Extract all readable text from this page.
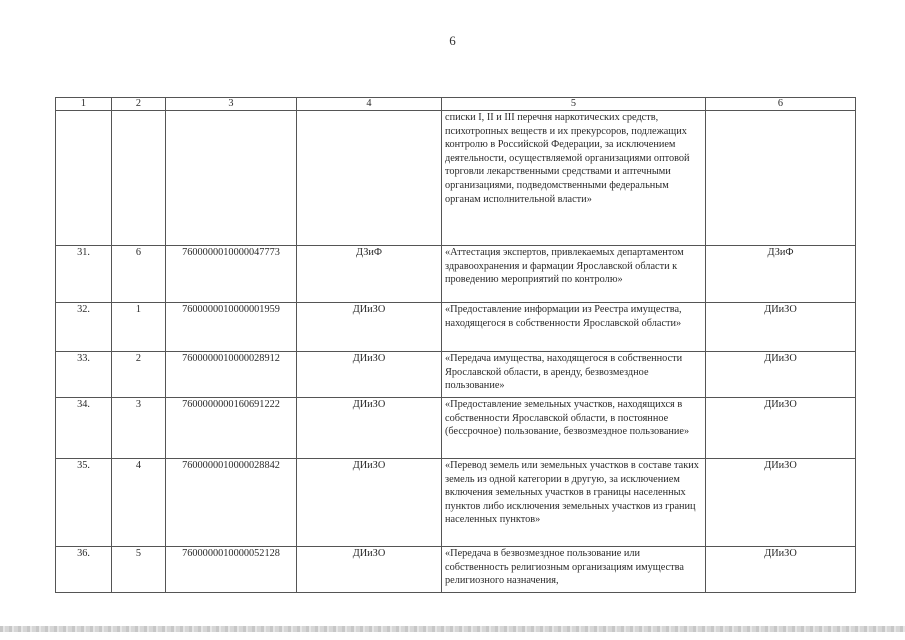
6
1	2	3	4	5	6
				списки I, II и III перечня наркотических средств, психотропных веществ и их прекурсоров, подлежащих контролю в Российской Федерации, за исключением деятельности, осуществляемой организациями оптовой торговли лекарственными средствами и аптечными организациями, подведомственными федеральным органам исполнительной власти»	
31.	6	7600000010000047773	ДЗиФ	«Аттестация экспертов, привлекаемых департаментом здравоохранения и фармации Ярославской области к проведению мероприятий по контролю»	ДЗиФ
32.	1	7600000010000001959	ДИиЗО	«Предоставление информации из Реестра имущества, находящегося в собственности Ярославской области»	ДИиЗО
33.	2	7600000010000028912	ДИиЗО	«Передача имущества, находящегося в собственности Ярославской области, в аренду, безвозмездное пользование»	ДИиЗО
34.	3	7600000000160691222	ДИиЗО	«Предоставление земельных участков, находящихся в собственности Ярославской области, в постоянное (бессрочное) пользование, безвозмездное пользование»	ДИиЗО
35.	4	7600000010000028842	ДИиЗО	«Перевод земель или земельных участков в составе таких земель из одной категории в другую, за исключением включения земельных участков в границы населенных пунктов либо исключения земельных участков из границ населенных пунктов»	ДИиЗО
36.	5	7600000010000052128	ДИиЗО	«Передача в безвозмездное пользование или собственность религиозным организациям имущества религиозного назначения,	ДИиЗО
